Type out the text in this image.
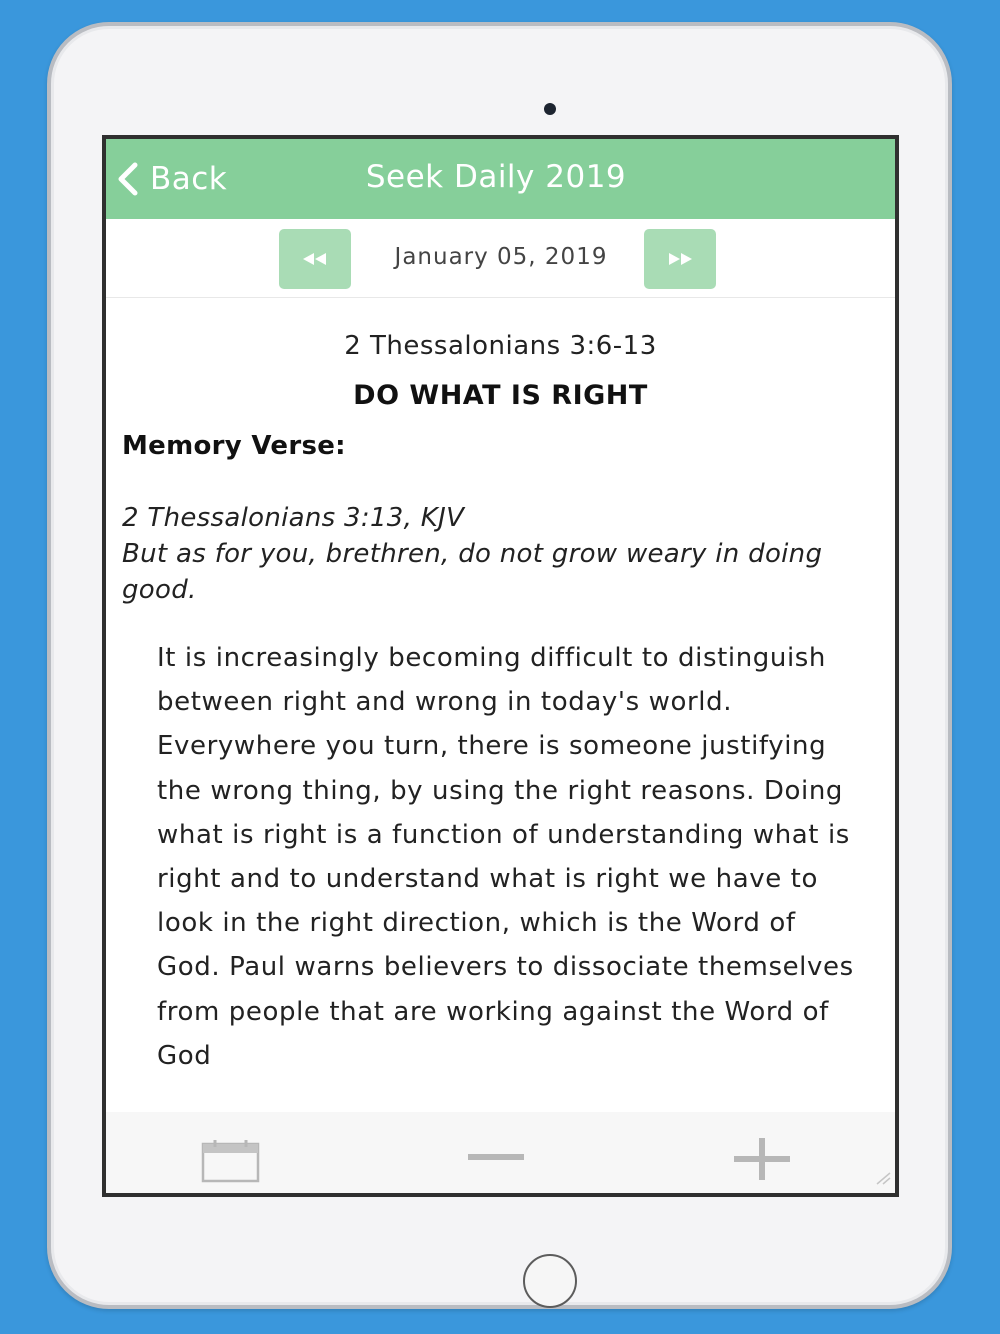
Back	Seek Daily 2019
January 05, 2019
2 Thessalonians 3:6-13
DO WHAT IS RIGHT
Memory Verse:
2 Thessalonians 3:13, KJV
But as for you, brethren, do not grow weary in doing good.
It is increasingly becoming difficult to distinguish between right and wrong in today's world. Everywhere you turn, there is someone justifying the wrong thing, by using the right reasons. Doing what is right is a function of understanding what is right and to understand what is right we have to look in the right direction, which is the Word of God. Paul warns believers to dissociate themselves from people that are working against the Word of God
